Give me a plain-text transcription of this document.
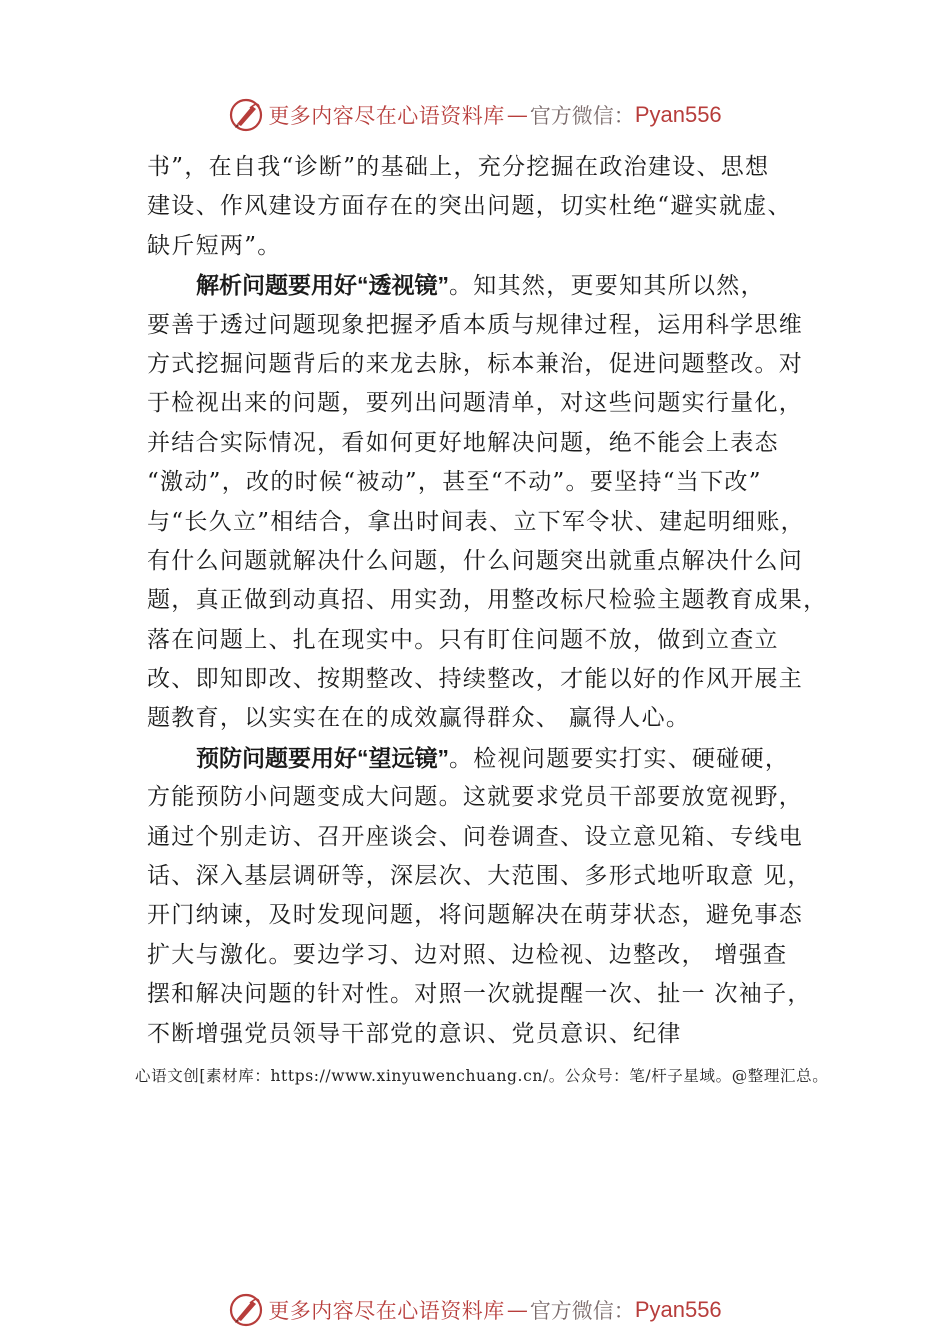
更多内容尽在心语资料库 — 官方微信： Pyan556
书”，在自我“诊断”的基础上，充分挖掘在政治建设、思想
建设、作风建设方面存在的突出问题，切实杜绝“避实就虚、
缺斤短两”。
解析问题要用好“透视镜”。知其然，更要知其所以然，
要善于透过问题现象把握矛盾本质与规律过程，运用科学思维
方式挖掘问题背后的来龙去脉，标本兼治，促进问题整改。对
于检视出来的问题，要列出问题清单，对这些问题实行量化，
并结合实际情况，看如何更好地解决问题，绝不能会上表态
“激动”，改的时候“被动”，甚至“不动”。要坚持“当下改”
与“长久立”相结合，拿出时间表、立下军令状、建起明细账，
有什么问题就解决什么问题，什么问题突出就重点解决什么问
题，真正做到动真招、用实劲，用整改标尺检验主题教育成果，
落在问题上、扎在现实中。只有盯住问题不放，做到立查立
改、即知即改、按期整改、持续整改，才能以好的作风开展主
题教育，以实实在在的成效赢得群众、 赢得人心。
预防问题要用好“望远镜”。检视问题要实打实、硬碰硬，
方能预防小问题变成大问题。这就要求党员干部要放宽视野，
通过个别走访、召开座谈会、问卷调查、设立意见箱、专线电
话、深入基层调研等，深层次、大范围、多形式地听取意 见，
开门纳谏，及时发现问题，将问题解决在萌芽状态，避免事态
扩大与激化。要边学习、边对照、边检视、边整改， 增强查
摆和解决问题的针对性。对照一次就提醒一次、扯一 次袖子，
不断增强党员领导干部党的意识、党员意识、纪律
心语文创[素材库：https://www.xinyuwenchuang.cn/。公众号：笔/杆子星域。@整理汇总。
更多内容尽在心语资料库 — 官方微信： Pyan556
